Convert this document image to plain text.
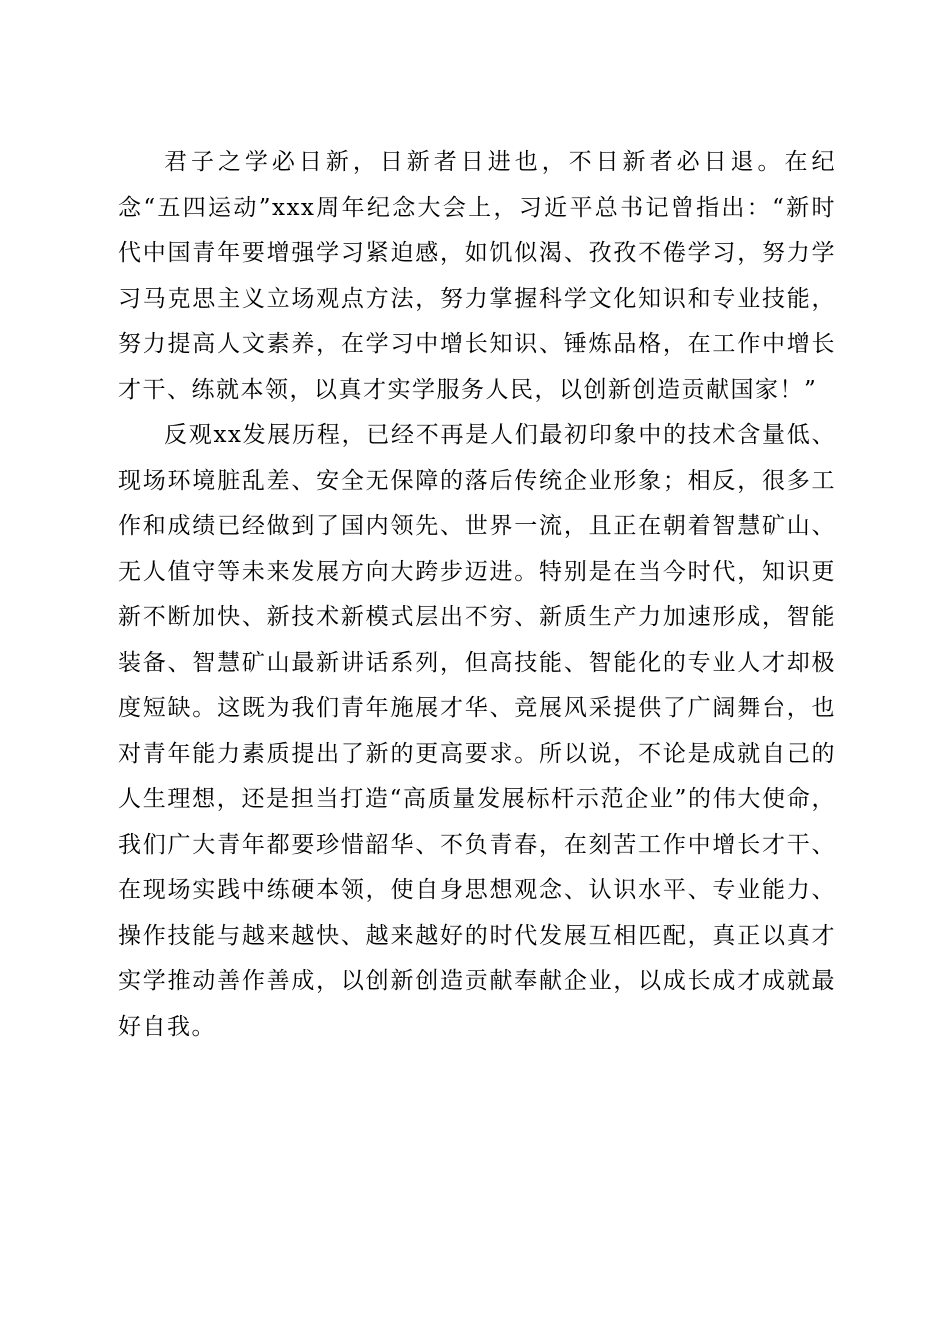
君子之学必日新，日新者日进也，不日新者必日退。在纪念“五四运动”xxx周年纪念大会上，习近平总书记曾指出：“新时代中国青年要增强学习紧迫感，如饥似渴、孜孜不倦学习，努力学习马克思主义立场观点方法，努力掌握科学文化知识和专业技能，努力提高人文素养，在学习中增长知识、锤炼品格，在工作中增长才干、练就本领，以真才实学服务人民，以创新创造贡献国家！”

反观xx发展历程，已经不再是人们最初印象中的技术含量低、现场环境脏乱差、安全无保障的落后传统企业形象；相反，很多工作和成绩已经做到了国内领先、世界一流，且正在朝着智慧矿山、无人值守等未来发展方向大跨步迈进。特别是在当今时代，知识更新不断加快、新技术新模式层出不穷、新质生产力加速形成，智能装备、智慧矿山最新讲话系列，但高技能、智能化的专业人才却极度短缺。这既为我们青年施展才华、竞展风采提供了广阔舞台，也对青年能力素质提出了新的更高要求。所以说，不论是成就自己的人生理想，还是担当打造“高质量发展标杆示范企业”的伟大使命，我们广大青年都要珍惜韶华、不负青春，在刻苦工作中增长才干、在现场实践中练硬本领，使自身思想观念、认识水平、专业能力、操作技能与越来越快、越来越好的时代发展互相匹配，真正以真才实学推动善作善成，以创新创造贡献奉献企业，以成长成才成就最好自我。
